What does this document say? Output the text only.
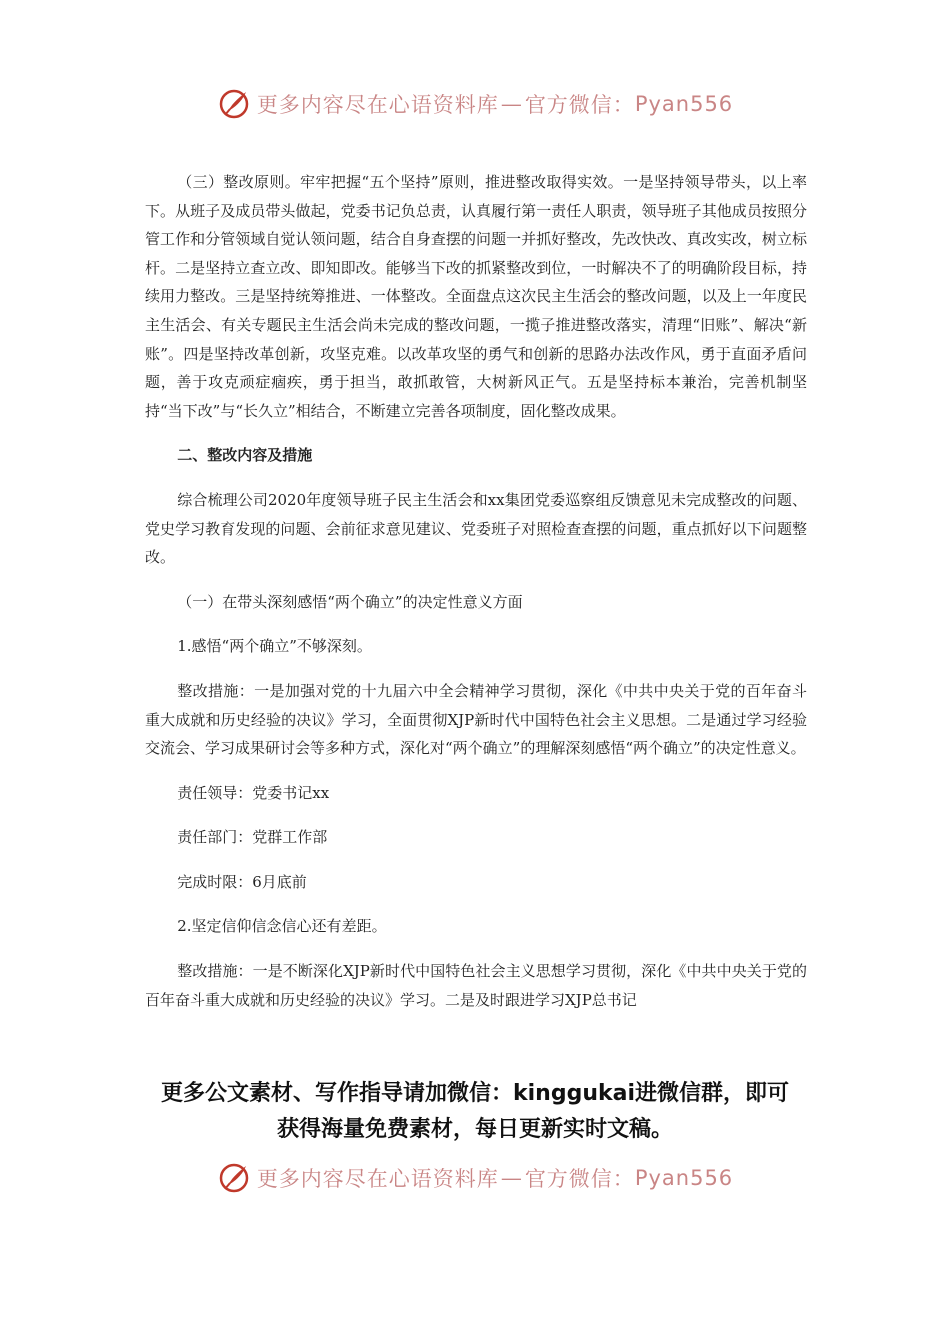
更多内容尽在心语资料库 — 官方微信： Pyan556

（三）整改原则。牢牢把握“五个坚持”原则，推进整改取得实效。一是坚持领导带头，以上率下。从班子及成员带头做起，党委书记负总责，认真履行第一责任人职责，领导班子其他成员按照分管工作和分管领域自觉认领问题，结合自身查摆的问题一并抓好整改，先改快改、真改实改，树立标杆。二是坚持立查立改、即知即改。能够当下改的抓紧整改到位，一时解决不了的明确阶段目标，持续用力整改。三是坚持统筹推进、一体整改。全面盘点这次民主生活会的整改问题，以及上一年度民主生活会、有关专题民主生活会尚未完成的整改问题，一揽子推进整改落实，清理“旧账”、解决“新账”。四是坚持改革创新，攻坚克难。以改革攻坚的勇气和创新的思路办法改作风，勇于直面矛盾问题，善于攻克顽症痼疾，勇于担当，敢抓敢管，大树新风正气。五是坚持标本兼治，完善机制坚持“当下改”与“长久立”相结合，不断建立完善各项制度，固化整改成果。

二、整改内容及措施

综合梳理公司2020年度领导班子民主生活会和xx集团党委巡察组反馈意见未完成整改的问题、党史学习教育发现的问题、会前征求意见建议、党委班子对照检查查摆的问题，重点抓好以下问题整改。

（一）在带头深刻感悟“两个确立”的决定性意义方面

1.感悟“两个确立”不够深刻。

整改措施：一是加强对党的十九届六中全会精神学习贯彻，深化《中共中央关于党的百年奋斗重大成就和历史经验的决议》学习，全面贯彻XJP新时代中国特色社会主义思想。二是通过学习经验交流会、学习成果研讨会等多种方式，深化对“两个确立”的理解深刻感悟“两个确立”的决定性意义。

责任领导：党委书记xx

责任部门：党群工作部

完成时限：6月底前

2.坚定信仰信念信心还有差距。

整改措施：一是不断深化XJP新时代中国特色社会主义思想学习贯彻，深化《中共中央关于党的百年奋斗重大成就和历史经验的决议》学习。二是及时跟进学习XJP总书记

更多公文素材、写作指导请加微信：kinggukai进微信群，即可

获得海量免费素材，每日更新实时文稿。

更多内容尽在心语资料库 — 官方微信： Pyan556
